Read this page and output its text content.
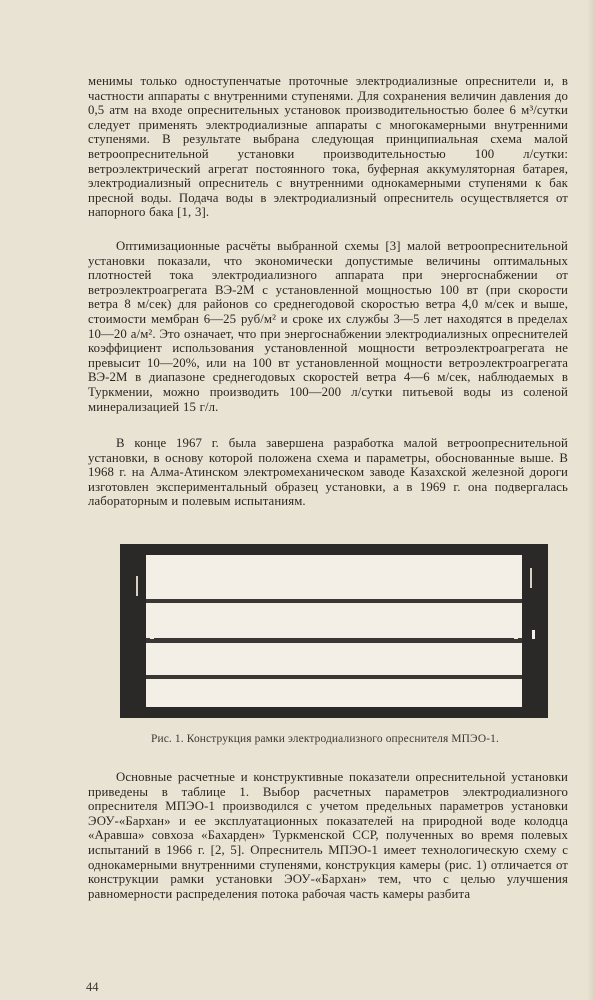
менимы только одноступенчатые проточные электродиализные опреснители и, в частности аппараты с внутренними ступенями. Для сохранения величин давления до 0,5 атм на входе опреснительных установок производительностью более 6 м³/сутки следует применять электродиализные аппараты с многокамерными внутренними ступенями. В результате выбрана следующая принципиальная схема малой ветроопреснительной установки производительностью 100 л/сутки: ветроэлектрический агрегат постоянного тока, буферная аккумуляторная батарея, электродиализный опреснитель с внутренними однокамерными ступенями к бак пресной воды. Подача воды в электродиализный опреснитель осуществляется от напорного бака [1, 3].

Оптимизационные расчёты выбранной схемы [3] малой ветроопреснительной установки показали, что экономически допустимые величины оптимальных плотностей тока электродиализного аппарата при энергоснабжении от ветроэлектроагрегата ВЭ-2М с установленной мощностью 100 вт (при скорости ветра 8 м/сек) для районов со среднегодовой скоростью ветра 4,0 м/сек и выше, стоимости мембран 6—25 руб/м² и сроке их службы 3—5 лет находятся в пределах 10—20 а/м². Это означает, что при энергоснабжении электродиализных опреснителей коэффициент использования установленной мощности ветроэлектроагрегата не превысит 10—20%, или на 100 вт установленной мощности ветроэлектроагрегата ВЭ-2М в диапазоне среднегодовых скоростей ветра 4—6 м/сек, наблюдаемых в Туркмении, можно производить 100—200 л/сутки питьевой воды из соленой минерализацией 15 г/л.

В конце 1967 г. была завершена разработка малой ветроопреснительной установки, в основу которой положена схема и параметры, обоснованные выше. В 1968 г. на Алма-Атинском электромеханическом заводе Казахской железной дороги изготовлен экспериментальный образец установки, а в 1969 г. она подвергалась лабораторным и полевым испытаниям.

Рис. 1. Конструкция рамки электродиализного опреснителя МПЭО-1.

Основные расчетные и конструктивные показатели опреснительной установки приведены в таблице 1. Выбор расчетных параметров электродиализного опреснителя МПЭО-1 производился с учетом предельных параметров установки ЭОУ-«Бархан» и ее эксплуатационных показателей на природной воде колодца «Аравша» совхоза «Бахарден» Туркменской ССР, полученных во время полевых испытаний в 1966 г. [2, 5]. Опреснитель МПЭО-1 имеет технологическую схему с однокамерными внутренними ступенями, конструкция камеры (рис. 1) отличается от конструкции рамки установки ЭОУ-«Бархан» тем, что с целью улучшения равномерности распределения потока рабочая часть камеры разбита

44
